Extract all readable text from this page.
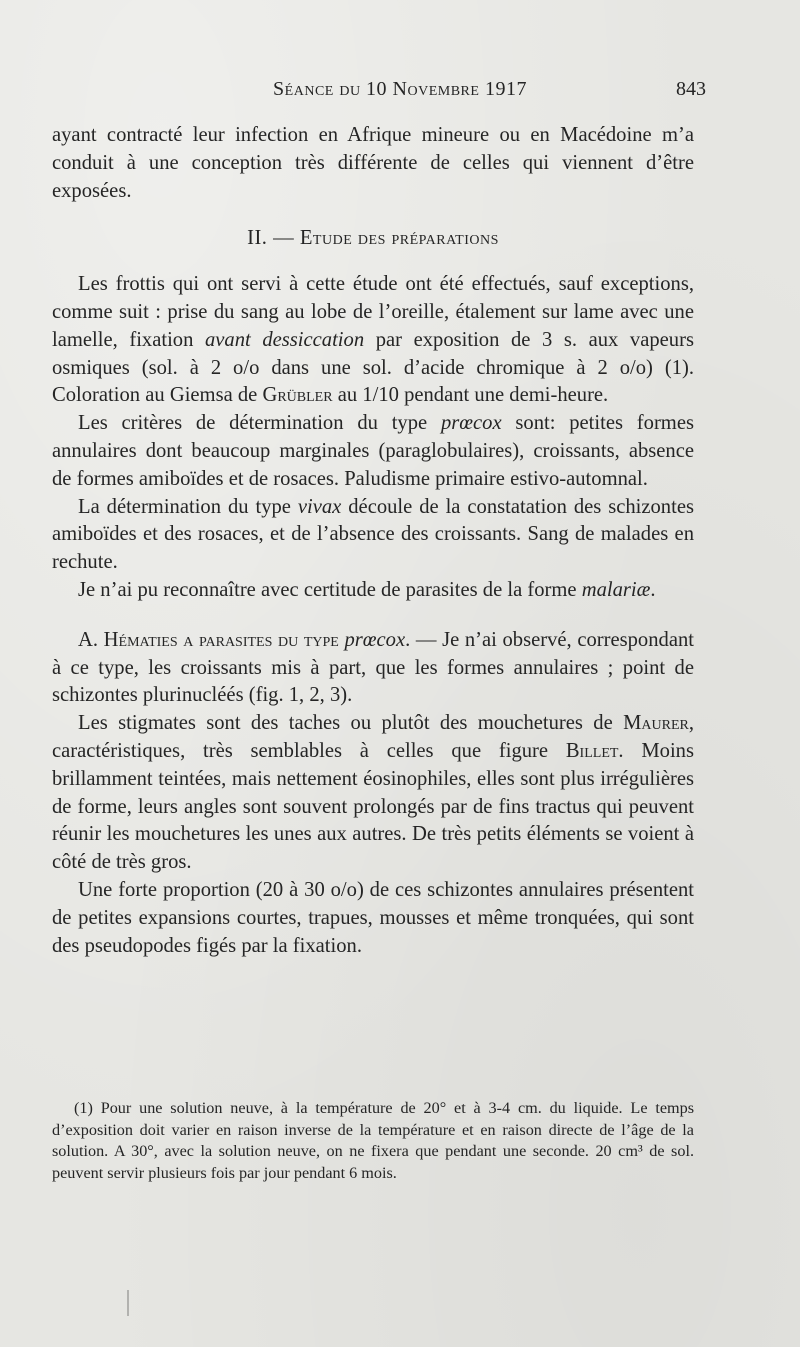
Séance du 10 Novembre 1917	843

ayant contracté leur infection en Afrique mineure ou en Macédoine m’a conduit à une conception très différente de celles qui viennent d’être exposées.

II. — Etude des préparations

Les frottis qui ont servi à cette étude ont été effectués, sauf exceptions, comme suit : prise du sang au lobe de l’oreille, étalement sur lame avec une lamelle, fixation avant dessiccation par exposition de 3 s. aux vapeurs osmiques (sol. à 2 o/o dans une sol. d’acide chromique à 2 o/o) (1). Coloration au Giemsa de Grübler au 1/10 pendant une demi-heure.

Les critères de détermination du type prœcox sont: petites formes annulaires dont beaucoup marginales (paraglobulaires), croissants, absence de formes amiboïdes et de rosaces. Paludisme primaire estivo-automnal.

La détermination du type vivax découle de la constatation des schizontes amiboïdes et des rosaces, et de l’absence des croissants. Sang de malades en rechute.

Je n’ai pu reconnaître avec certitude de parasites de la forme malariæ.

A. Hématies a parasites du type prœcox. — Je n’ai observé, correspondant à ce type, les croissants mis à part, que les formes annulaires ; point de schizontes plurinucléés (fig. 1, 2, 3).

Les stigmates sont des taches ou plutôt des mouchetures de Maurer, caractéristiques, très semblables à celles que figure Billet. Moins brillamment teintées, mais nettement éosinophiles, elles sont plus irrégulières de forme, leurs angles sont souvent prolongés par de fins tractus qui peuvent réunir les mouchetures les unes aux autres. De très petits éléments se voient à côté de très gros.

Une forte proportion (20 à 30 o/o) de ces schizontes annulaires présentent de petites expansions courtes, trapues, mousses et même tronquées, qui sont des pseudopodes figés par la fixation.

(1) Pour une solution neuve, à la température de 20° et à 3-4 cm. du liquide. Le temps d’exposition doit varier en raison inverse de la température et en raison directe de l’âge de la solution. A 30°, avec la solution neuve, on ne fixera que pendant une seconde. 20 cm³ de sol. peuvent servir plusieurs fois par jour pendant 6 mois.
